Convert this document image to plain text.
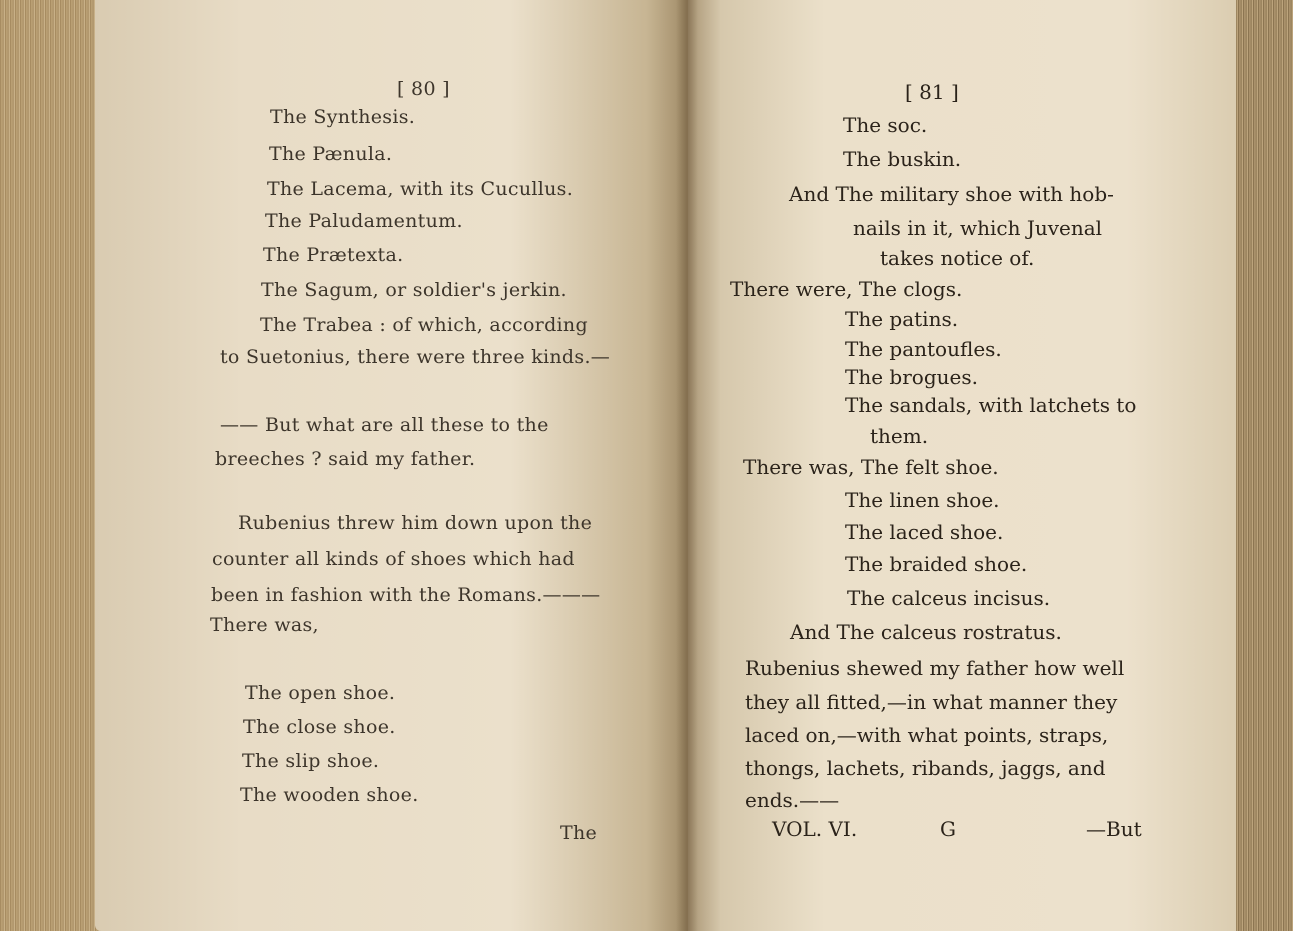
[ 80 ]
The Synthesis.
The Pænula.
The Lacema, with its Cucullus.
The Paludamentum.
The Prætexta.
The Sagum, or soldier's jerkin.
The Trabea : of which, according
to Suetonius, there were three kinds.—
—— But what are all these to the
breeches ? said my father.
Rubenius threw him down upon the
counter all kinds of shoes which had
been in fashion with the Romans.———
There was,
The open shoe.
The close shoe.
The slip shoe.
The wooden shoe.
The
[ 81 ]
The soc.
The buskin.
And The military shoe with hob-
nails in it, which Juvenal
takes notice of.
There were, The clogs.
The patins.
The pantoufles.
The brogues.
The sandals, with latchets to
them.
There was, The felt shoe.
The linen shoe.
The laced shoe.
The braided shoe.
The calceus incisus.
And The calceus rostratus.
Rubenius shewed my father how well
they all fitted,—in what manner they
laced on,—with what points, straps,
thongs, lachets, ribands, jaggs, and
ends.——
VOL. VI.	G	—But
